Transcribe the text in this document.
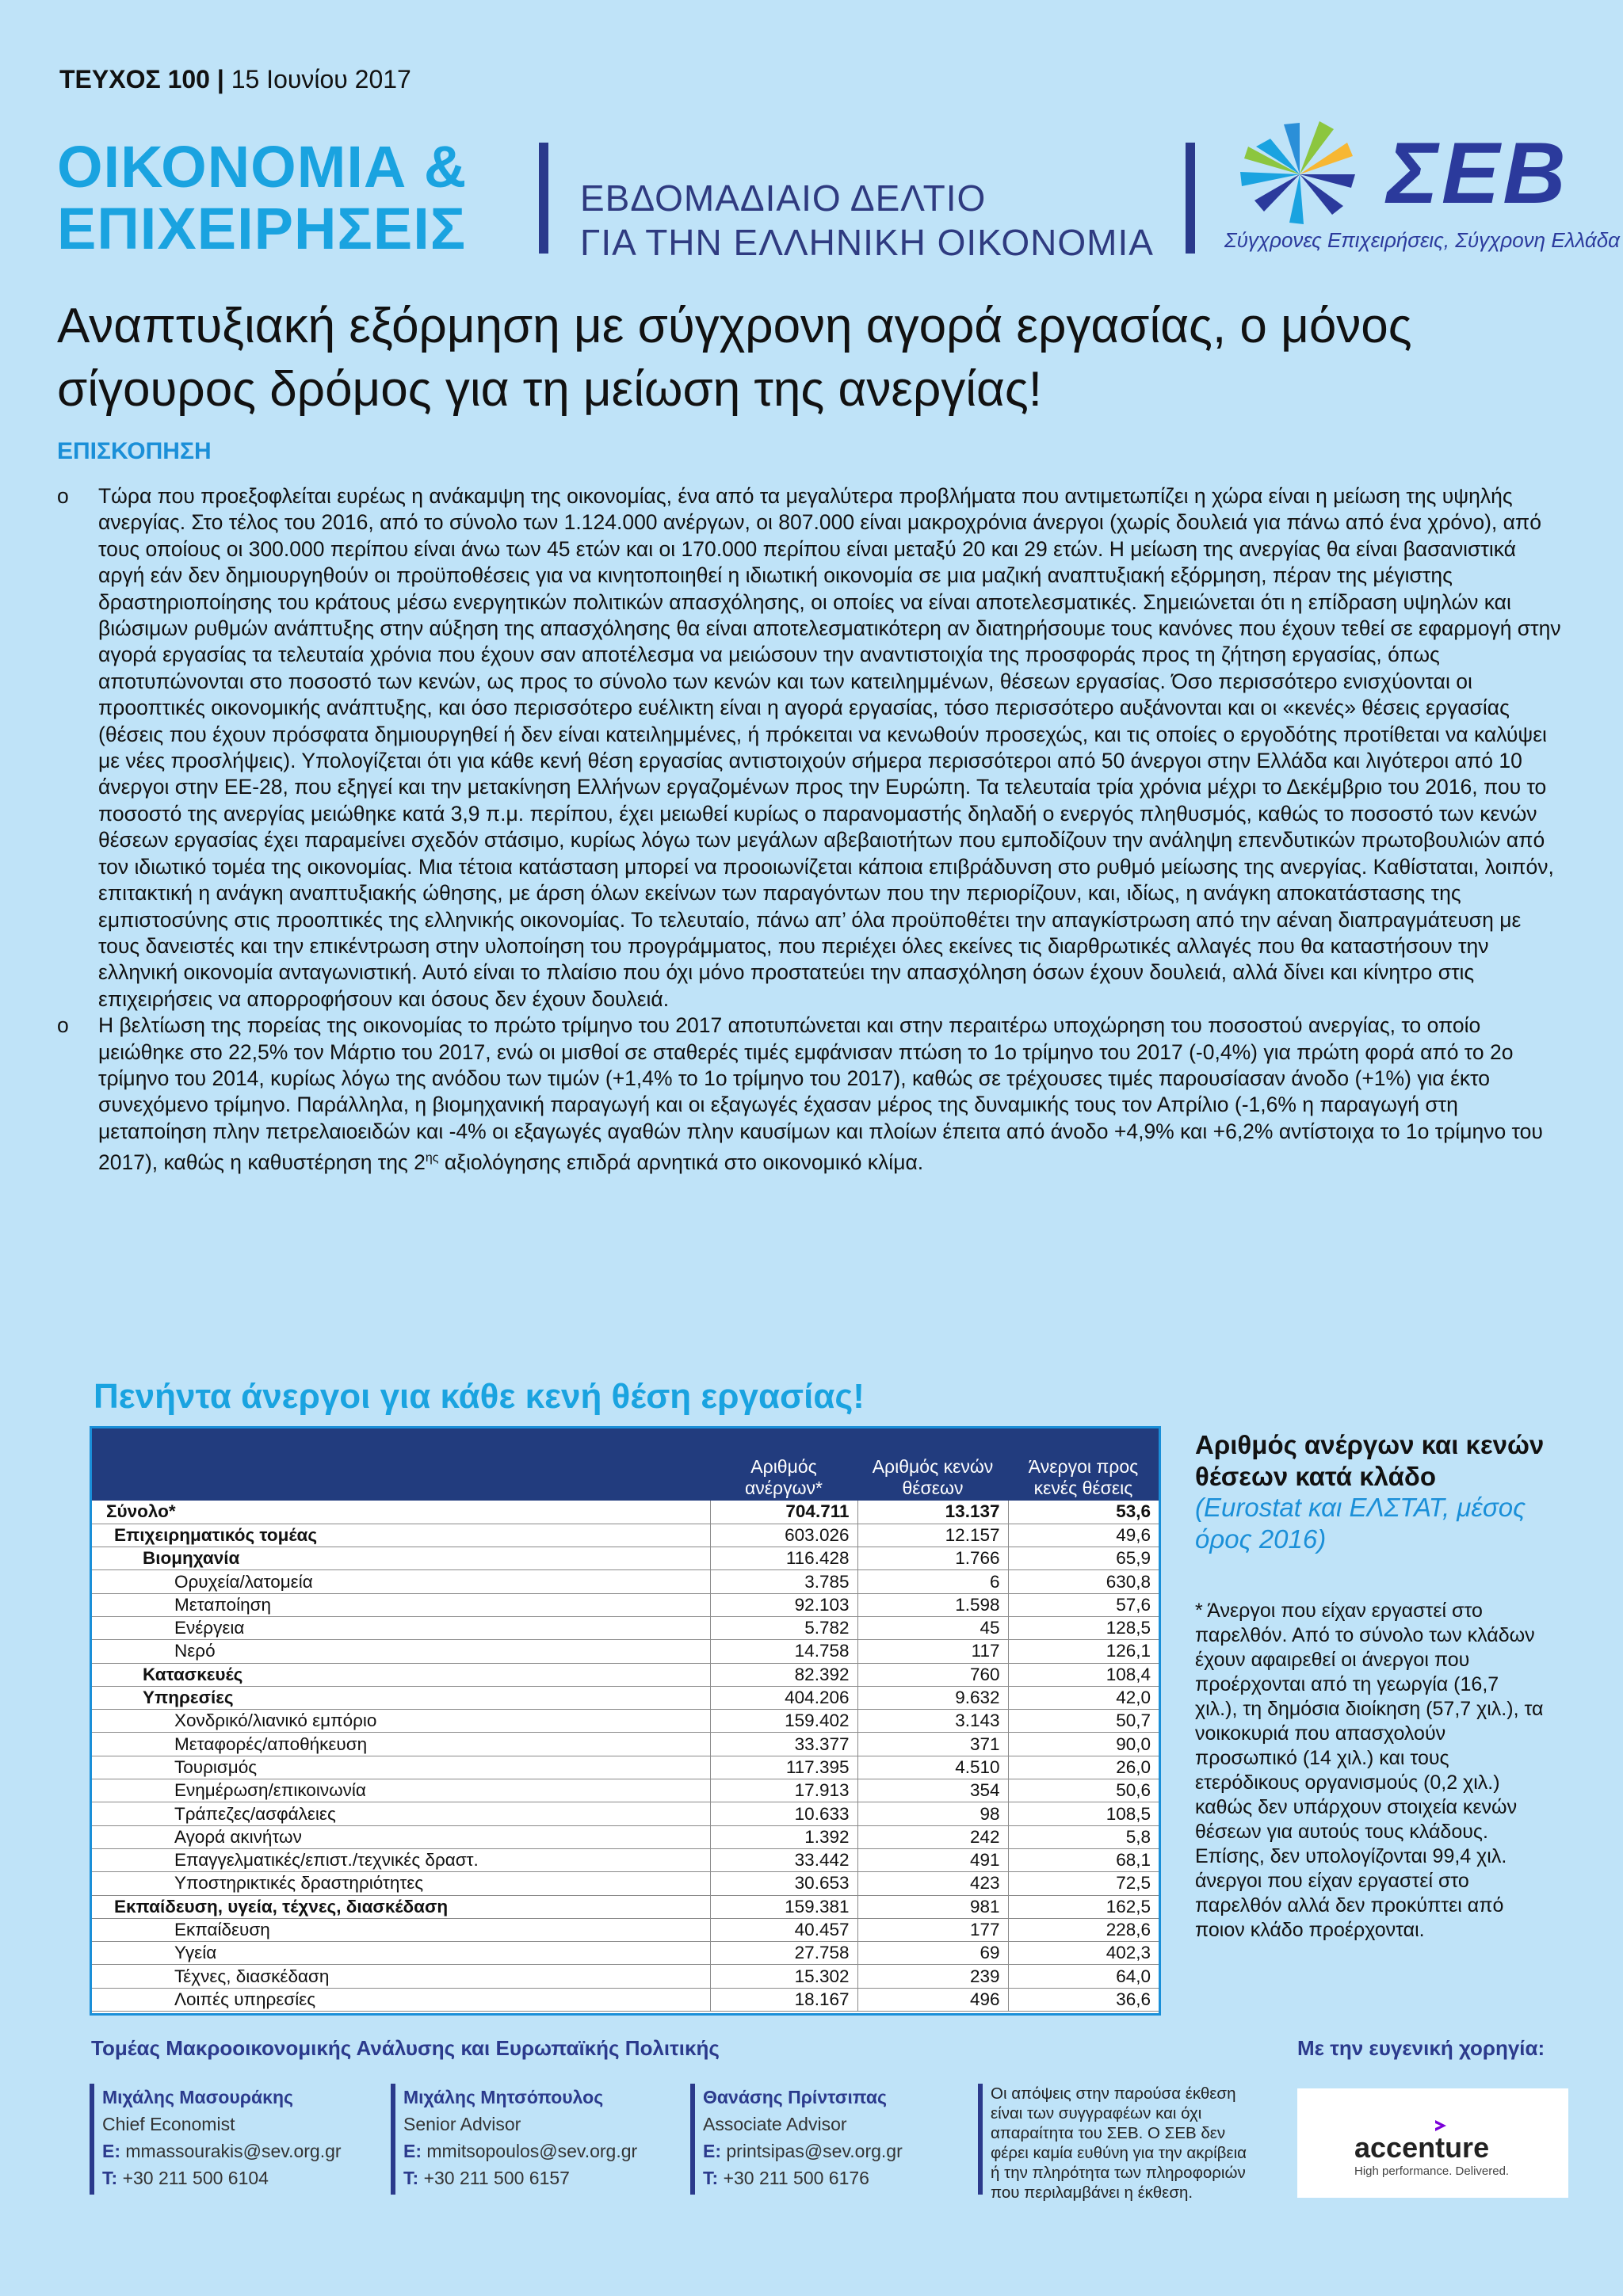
ΤΕΥΧΟΣ 100 | 15 Ιουνίου 2017
ΟΙΚΟΝΟΜΙΑ &
ΕΠΙΧΕΙΡΗΣΕΙΣ	ΕΒΔΟΜΑΔΙΑΙΟ ΔΕΛΤΙΟ
ΓΙΑ ΤΗΝ ΕΛΛΗΝΙΚΗ ΟΙΚΟΝΟΜΙΑ
ΣΕΒ
Σύγχρονες Επιχειρήσεις, Σύγχρονη Ελλάδα
Αναπτυξιακή εξόρμηση με σύγχρονη αγορά εργασίας, ο μόνος σίγουρος δρόμος για τη μείωση της ανεργίας!
ΕΠΙΣΚΟΠΗΣΗ
o Τώρα που προεξοφλείται ευρέως η ανάκαμψη της οικονομίας, ένα από τα μεγαλύτερα προβλήματα που αντιμετωπίζει η χώρα είναι η μείωση της υψηλής ανεργίας. Στο τέλος του 2016, από το σύνολο των 1.124.000 ανέργων, οι 807.000 είναι μακροχρόνια άνεργοι (χωρίς δουλειά για πάνω από ένα χρόνο), από τους οποίους οι 300.000 περίπου είναι άνω των 45 ετών και οι 170.000 περίπου είναι μεταξύ 20 και 29 ετών. Η μείωση της ανεργίας θα είναι βασανιστικά αργή εάν δεν δημιουργηθούν οι προϋποθέσεις για να κινητοποιηθεί η ιδιωτική οικονομία σε μια μαζική αναπτυξιακή εξόρμηση, πέραν της μέγιστης δραστηριοποίησης του κράτους μέσω ενεργητικών πολιτικών απασχόλησης, οι οποίες να είναι αποτελεσματικές. Σημειώνεται ότι η επίδραση υψηλών και βιώσιμων ρυθμών ανάπτυξης στην αύξηση της απασχόλησης θα είναι αποτελεσματικότερη αν διατηρήσουμε τους κανόνες που έχουν τεθεί σε εφαρμογή στην αγορά εργασίας τα τελευταία χρόνια που έχουν σαν αποτέλεσμα να μειώσουν την αναντιστοιχία της προσφοράς προς τη ζήτηση εργασίας, όπως αποτυπώνονται στο ποσοστό των κενών, ως προς το σύνολο των κενών και των κατειλημμένων, θέσεων εργασίας. Όσο περισσότερο ενισχύονται οι προοπτικές οικονομικής ανάπτυξης, και όσο περισσότερο ευέλικτη είναι η αγορά εργασίας, τόσο περισσότερο αυξάνονται και οι «κενές» θέσεις εργασίας (θέσεις που έχουν πρόσφατα δημιουργηθεί ή δεν είναι κατειλημμένες, ή πρόκειται να κενωθούν προσεχώς, και τις οποίες ο εργοδότης προτίθεται να καλύψει με νέες προσλήψεις). Υπολογίζεται ότι για κάθε κενή θέση εργασίας αντιστοιχούν σήμερα περισσότεροι από 50 άνεργοι στην Ελλάδα και λιγότεροι από 10 άνεργοι στην ΕΕ-28, που εξηγεί και την μετακίνηση Ελλήνων εργαζομένων προς την Ευρώπη. Τα τελευταία τρία χρόνια μέχρι το Δεκέμβριο του 2016, που το ποσοστό της ανεργίας μειώθηκε κατά 3,9 π.μ. περίπου, έχει μειωθεί κυρίως ο παρανομαστής δηλαδή ο ενεργός πληθυσμός, καθώς το ποσοστό των κενών θέσεων εργασίας έχει παραμείνει σχεδόν στάσιμο, κυρίως λόγω των μεγάλων αβεβαιοτήτων που εμποδίζουν την ανάληψη επενδυτικών πρωτοβουλιών από τον ιδιωτικό τομέα της οικονομίας. Μια τέτοια κατάσταση μπορεί να προοιωνίζεται κάποια επιβράδυνση στο ρυθμό μείωσης της ανεργίας. Καθίσταται, λοιπόν, επιτακτική η ανάγκη αναπτυξιακής ώθησης, με άρση όλων εκείνων των παραγόντων που την περιορίζουν, και, ιδίως, η ανάγκη αποκατάστασης της εμπιστοσύνης στις προοπτικές της ελληνικής οικονομίας. Το τελευταίο, πάνω απ’ όλα προϋποθέτει την απαγκίστρωση από την αέναη διαπραγμάτευση με τους δανειστές και την επικέντρωση στην υλοποίηση του προγράμματος, που περιέχει όλες εκείνες τις διαρθρωτικές αλλαγές που θα καταστήσουν την ελληνική οικονομία ανταγωνιστική. Αυτό είναι το πλαίσιο που όχι μόνο προστατεύει την απασχόληση όσων έχουν δουλειά, αλλά δίνει και κίνητρο στις επιχειρήσεις να απορροφήσουν και όσους δεν έχουν δουλειά.
o Η βελτίωση της πορείας της οικονομίας το πρώτο τρίμηνο του 2017 αποτυπώνεται και στην περαιτέρω υποχώρηση του ποσοστού ανεργίας, το οποίο μειώθηκε στο 22,5% τον Μάρτιο του 2017, ενώ οι μισθοί σε σταθερές τιμές εμφάνισαν πτώση το 1ο τρίμηνο του 2017 (-0,4%) για πρώτη φορά από το 2ο τρίμηνο του 2014, κυρίως λόγω της ανόδου των τιμών (+1,4% το 1ο τρίμηνο του 2017), καθώς σε τρέχουσες τιμές παρουσίασαν άνοδο (+1%) για έκτο συνεχόμενο τρίμηνο. Παράλληλα, η βιομηχανική παραγωγή και οι εξαγωγές έχασαν μέρος της δυναμικής τους τον Απρίλιο (-1,6% η παραγωγή στη μεταποίηση πλην πετρελαιοειδών και -4% οι εξαγωγές αγαθών πλην καυσίμων και πλοίων έπειτα από άνοδο +4,9% και +6,2% αντίστοιχα το 1ο τρίμηνο του 2017), καθώς η καθυστέρηση της $2^{\eta\varsigma}$ αξιολόγησης επιδρά αρνητικά στο οικονομικό κλίμα.
Πενήντα άνεργοι για κάθε κενή θέση εργασίας!
	Αριθμός ανέργων*	Αριθμός κενών θέσεων	Άνεργοι προς κενές θέσεις
Σύνολο*	704.711	13.137	53,6
Επιχειρηματικός τομέας	603.026	12.157	49,6
Βιομηχανία	116.428	1.766	65,9
Ορυχεία/λατομεία	3.785	6	630,8
Μεταποίηση	92.103	1.598	57,6
Ενέργεια	5.782	45	128,5
Νερό	14.758	117	126,1
Κατασκευές	82.392	760	108,4
Υπηρεσίες	404.206	9.632	42,0
Χονδρικό/λιανικό εμπόριο	159.402	3.143	50,7
Μεταφορές/αποθήκευση	33.377	371	90,0
Τουρισμός	117.395	4.510	26,0
Ενημέρωση/επικοινωνία	17.913	354	50,6
Τράπεζες/ασφάλειες	10.633	98	108,5
Αγορά ακινήτων	1.392	242	5,8
Επαγγελματικές/επιστ./τεχνικές δραστ.	33.442	491	68,1
Υποστηρικτικές δραστηριότητες	30.653	423	72,5
Εκπαίδευση, υγεία, τέχνες, διασκέδαση	159.381	981	162,5
Εκπαίδευση	40.457	177	228,6
Υγεία	27.758	69	402,3
Τέχνες, διασκέδαση	15.302	239	64,0
Λοιπές υπηρεσίες	18.167	496	36,6
Αριθμός ανέργων και κενών θέσεων κατά κλάδο
(Eurostat και ΕΛΣΤΑΤ, μέσος όρος 2016)
* Άνεργοι που είχαν εργαστεί στο παρελθόν. Από το σύνολο των κλάδων έχουν αφαιρεθεί οι άνεργοι που προέρχονται από τη γεωργία (16,7 χιλ.), τη δημόσια διοίκηση (57,7 χιλ.), τα νοικοκυριά που απασχολούν προσωπικό (14 χιλ.) και τους ετερόδικους οργανισμούς (0,2 χιλ.) καθώς δεν υπάρχουν στοιχεία κενών θέσεων για αυτούς τους κλάδους. Επίσης, δεν υπολογίζονται 99,4 χιλ. άνεργοι που είχαν εργαστεί στο παρελθόν αλλά δεν προκύπτει από ποιον κλάδο προέρχονται.
Τομέας Μακροοικονομικής Ανάλυσης και Ευρωπαϊκής Πολιτικής	Με την ευγενική χορηγία:
Μιχάλης Μασουράκης
Chief Economist
E: mmassourakis@sev.org.gr
T: +30 211 500 6104
Μιχάλης Μητσόπουλος
Senior Advisor
E: mmitsopoulos@sev.org.gr
T: +30 211 500 6157
Θανάσης Πρίντσιπας
Associate Advisor
E: printsipas@sev.org.gr
T: +30 211 500 6176
Οι απόψεις στην παρούσα έκθεση είναι των συγγραφέων και όχι απαραίτητα του ΣΕΒ. Ο ΣΕΒ δεν φέρει καμία ευθύνη για την ακρίβεια ή την πληρότητα των πληροφοριών που περιλαμβάνει η έκθεση.
accenture
High performance. Delivered.
